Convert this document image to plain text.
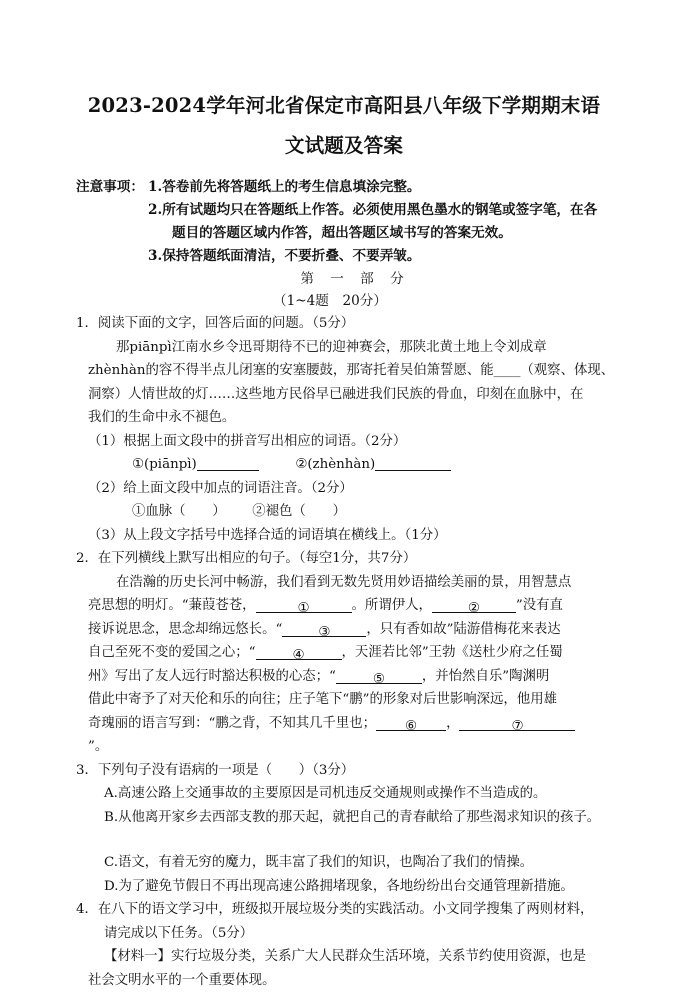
2023-2024学年河北省保定市高阳县八年级下学期期末语
文试题及答案
注意事项： 1.答卷前先将答题纸上的考生信息填涂完整。
2.所有试题均只在答题纸上作答。必须使用黑色墨水的钢笔或签字笔，在各
题目的答题区域内作答，超出答题区域书写的答案无效。
3.保持答题纸面清洁，不要折叠、不要弄皱。
第 一 部 分
（1~4题　20分）

1．阅读下面的文字，回答后面的问题。（5分）

那piānpì江南水乡令迅哥期待不已的迎神赛会，那陕北黄土地上令刘成章

zhènhàn的容不得半点儿闭塞的安塞腰鼓，那寄托着吴伯箫誓愿、能____（观察、体现、

洞察）人情世故的灯……这些地方民俗早已融进我们民族的骨血，印刻在血脉中，在

我们的生命中永不褪色。

（1）根据上面文段中的拼音写出相应的词语。（2分）

①(piānpì)	②(zhènhàn)

（2）给上面文段中加点的词语注音。（2分）

①血脉（　　） ②褪色（　　）

（3）从上段文字括号中选择合适的词语填在横线上。（1分）

2．在下列横线上默写出相应的句子。（每空1分，共7分）

在浩瀚的历史长河中畅游，我们看到无数先贤用妙语描绘美丽的景，用智慧点

亮思想的明灯。“蒹葭苍苍，	①	。所谓伊人，	②	”没有直

接诉说思念，思念却绵远悠长。“	③	，只有香如故”陆游借梅花来表达

自己至死不变的爱国之心；“	④	，天涯若比邻”王勃《送杜少府之任蜀

州》写出了友人远行时豁达积极的心态；“	⑤	，并怡然自乐”陶渊明

借此中寄予了对天伦和乐的向往；庄子笔下“鹏”的形象对后世影响深远，他用雄

奇瑰丽的语言写到：“鹏之背，不知其几千里也； ⑥ ，	⑦

”。

3．下列句子没有语病的一项是（　　）（3分）

A.高速公路上交通事故的主要原因是司机违反交通规则或操作不当造成的。

B.从他离开家乡去西部支教的那天起，就把自己的青春献给了那些渴求知识的孩子。

C.语文，有着无穷的魔力，既丰富了我们的知识，也陶冶了我们的情操。

D.为了避免节假日不再出现高速公路拥堵现象，各地纷纷出台交通管理新措施。

4．在八下的语文学习中，班级拟开展垃圾分类的实践活动。小文同学搜集了两则材料，

请完成以下任务。（5分）

【材料一】实行垃圾分类，关系广大人民群众生活环境，关系节约使用资源，也是

社会文明水平的一个重要体现。
